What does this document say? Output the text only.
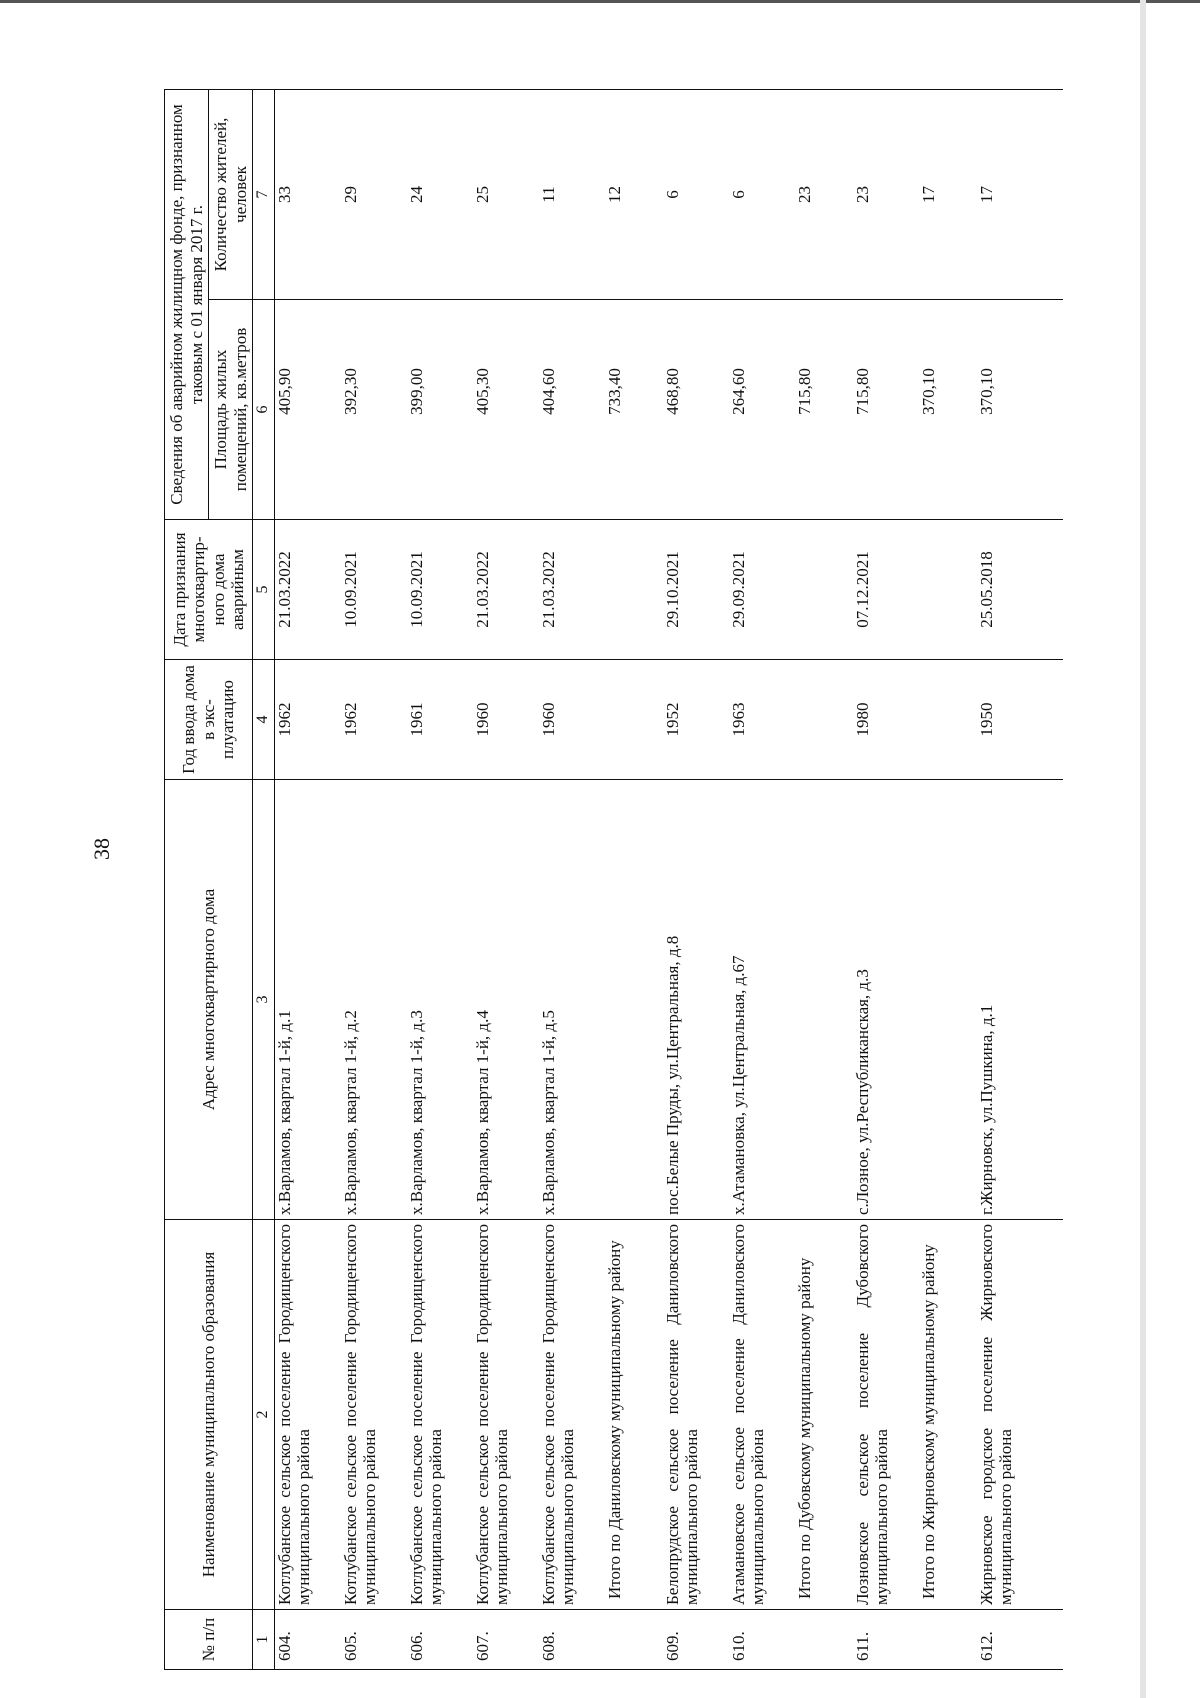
38
№ п/п	Наименование муниципального образования	Адрес многоквартирного дома	Год ввода дома в экс-плуатацию	Дата признания многоквартир-ного дома аварийным	Сведения об аварийном жилищном фонде, признанном таковым с 01 января 2017 г.	
					Площадь жилых помещений, кв.метров	Количество жителей, человек
1	2	3	4	5	6	7
604.	Котлубанское сельское поселение Городищенского муниципального района	х.Варламов, квартал 1-й, д.1	1962	21.03.2022	405,90	33
605.	Котлубанское сельское поселение Городищенского муниципального района	х.Варламов, квартал 1-й, д.2	1962	10.09.2021	392,30	29
606.	Котлубанское сельское поселение Городищенского муниципального района	х.Варламов, квартал 1-й, д.3	1961	10.09.2021	399,00	24
607.	Котлубанское сельское поселение Городищенского муниципального района	х.Варламов, квартал 1-й, д.4	1960	21.03.2022	405,30	25
608.	Котлубанское сельское поселение Городищенского муниципального района	х.Варламов, квартал 1-й, д.5	1960	21.03.2022	404,60	11
	Итого по Даниловскому муниципальному району				733,40	12
609.	Белопрудское сельское поселение Даниловского муниципального района	пос.Белые Пруды, ул.Центральная, д.8	1952	29.10.2021	468,80	6
610.	Атамановское сельское поселение Даниловского муниципального района	х.Атамановка, ул.Центральная, д.67	1963	29.09.2021	264,60	6
	Итого по Дубовскому муниципальному району				715,80	23
611.	Лозновское сельское поселение Дубовского муниципального района	с.Лозное, ул.Республиканская, д.3	1980	07.12.2021	715,80	23
	Итого по Жирновскому муниципальному району				370,10	17
612.	Жирновское городское поселение Жирновского муниципального района	г.Жирновск, ул.Пушкина, д.1	1950	25.05.2018	370,10	17
